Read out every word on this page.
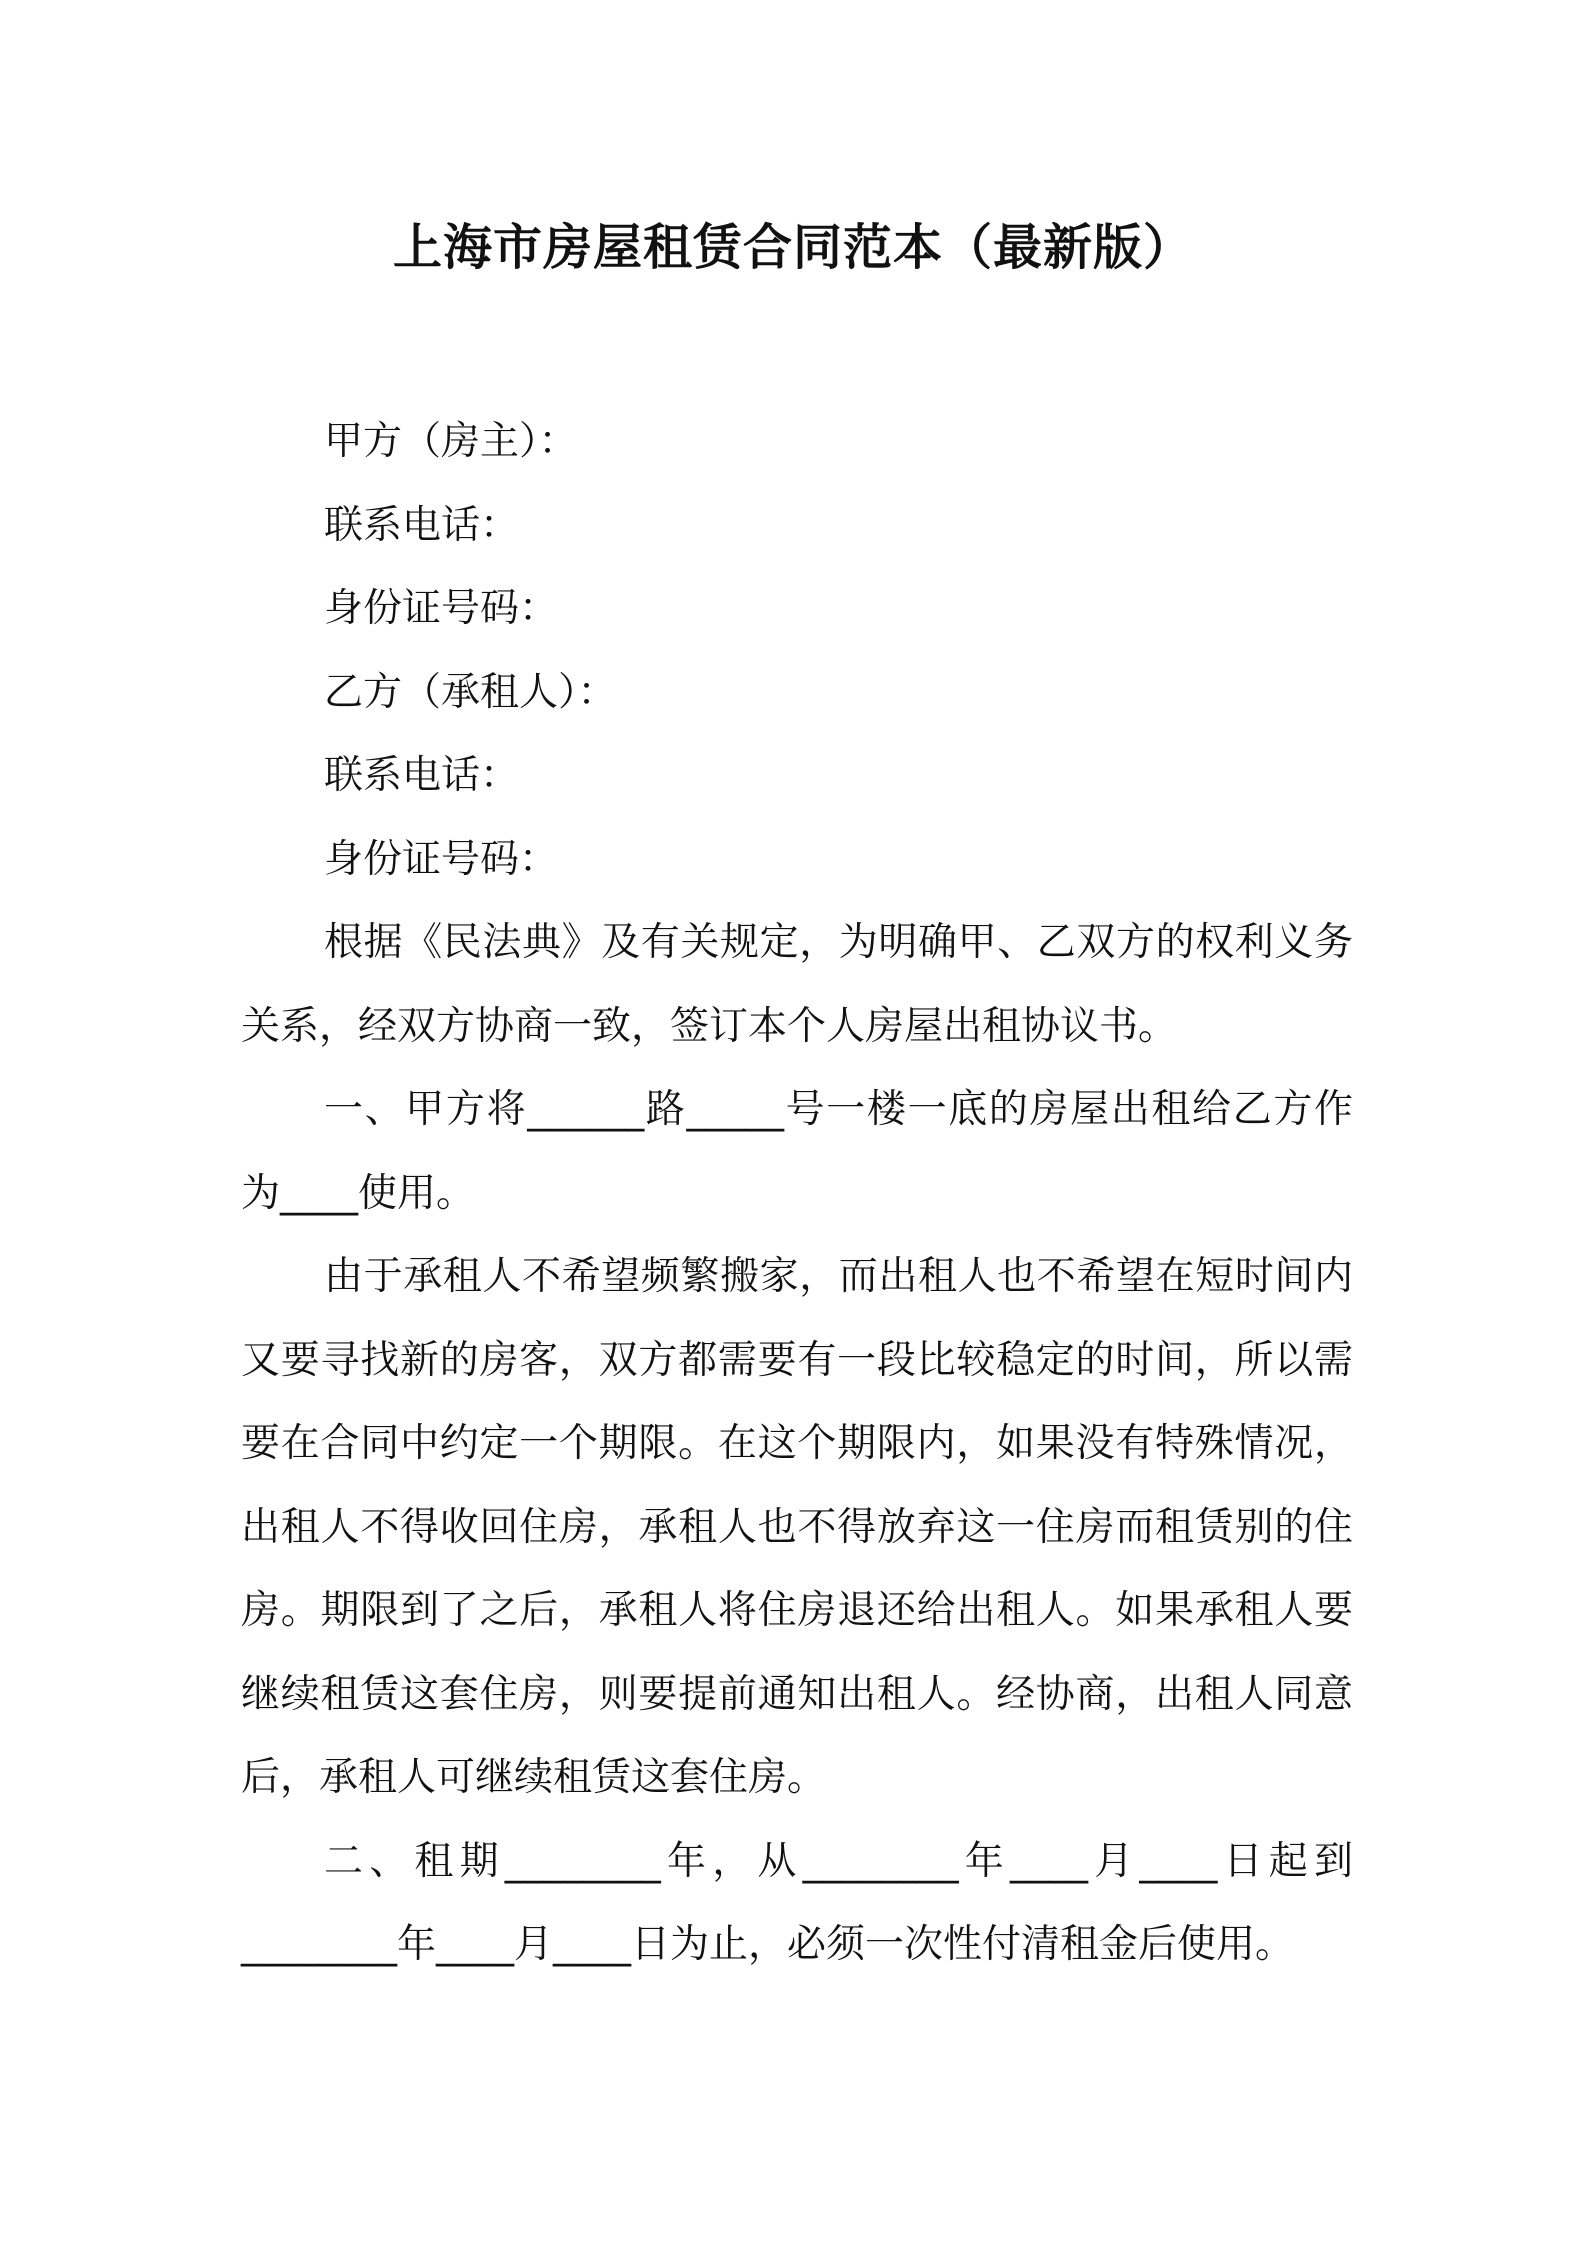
上海市房屋租赁合同范本（最新版）
甲方（房主）：
联系电话：
身份证号码：
乙方（承租人）：
联系电话：
身份证号码：
根据《民法典》及有关规定，为明确甲、乙双方的权利义务
关系，经双方协商一致，签订本个人房屋出租协议书。
一、甲方将______路_____号一楼一底的房屋出租给乙方作
为____使用。
由于承租人不希望频繁搬家，而出租人也不希望在短时间内
又要寻找新的房客，双方都需要有一段比较稳定的时间，所以需
要在合同中约定一个期限。在这个期限内，如果没有特殊情况，
出租人不得收回住房，承租人也不得放弃这一住房而租赁别的住
房。期限到了之后，承租人将住房退还给出租人。如果承租人要
继续租赁这套住房，则要提前通知出租人。经协商，出租人同意
后，承租人可继续租赁这套住房。
二、租期________年，从________年____月____日起到
________年____月____日为止，必须一次性付清租金后使用。
